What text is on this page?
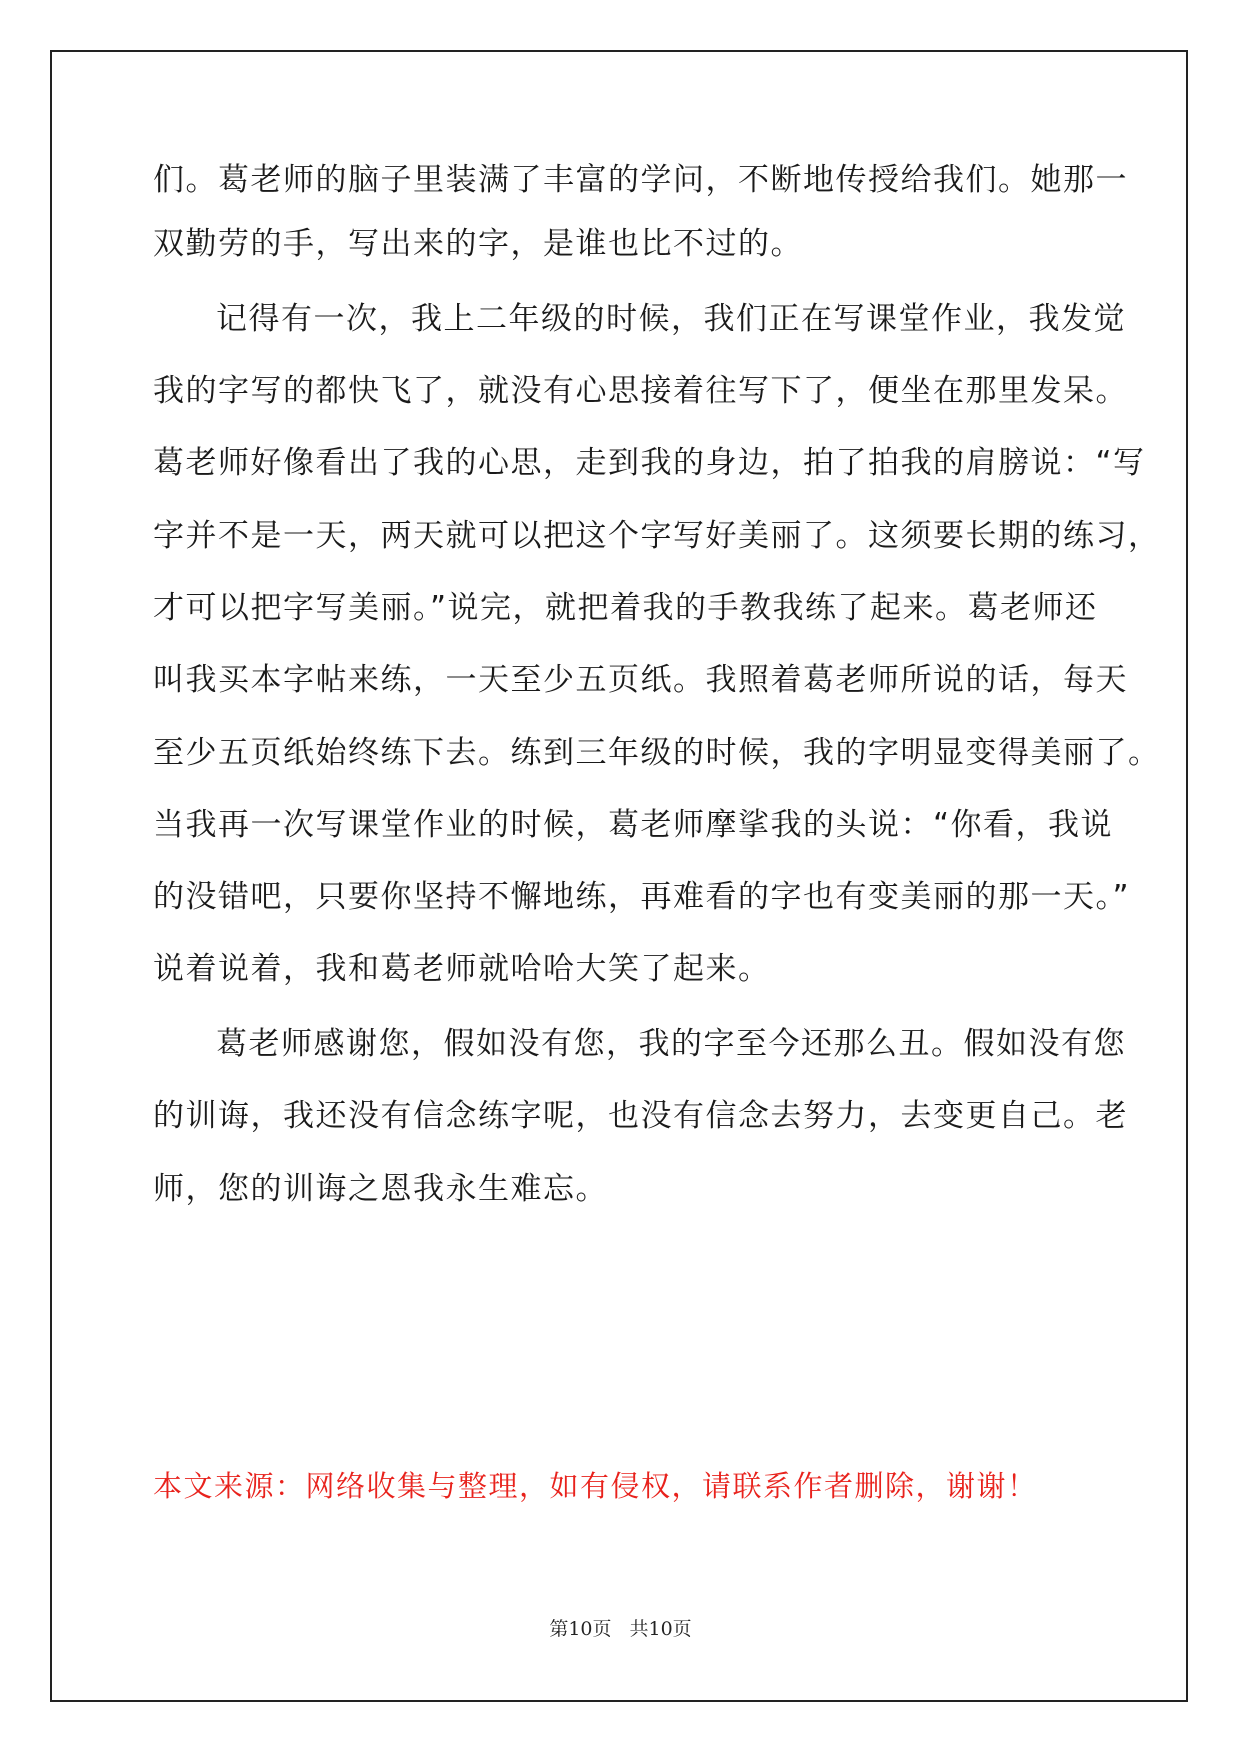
们。葛老师的脑子里装满了丰富的学问，不断地传授给我们。她那一
双勤劳的手，写出来的字，是谁也比不过的。
记得有一次，我上二年级的时候，我们正在写课堂作业，我发觉
我的字写的都快飞了，就没有心思接着往写下了，便坐在那里发呆。
葛老师好像看出了我的心思，走到我的身边，拍了拍我的肩膀说：“写
字并不是一天，两天就可以把这个字写好美丽了。这须要长期的练习，
才可以把字写美丽。”说完，就把着我的手教我练了起来。葛老师还
叫我买本字帖来练，一天至少五页纸。我照着葛老师所说的话，每天
至少五页纸始终练下去。练到三年级的时候，我的字明显变得美丽了。
当我再一次写课堂作业的时候，葛老师摩挲我的头说：“你看，我说
的没错吧，只要你坚持不懈地练，再难看的字也有变美丽的那一天。”
说着说着，我和葛老师就哈哈大笑了起来。
葛老师感谢您，假如没有您，我的字至今还那么丑。假如没有您
的训诲，我还没有信念练字呢，也没有信念去努力，去变更自己。老
师，您的训诲之恩我永生难忘。
本文来源：网络收集与整理，如有侵权，请联系作者删除，谢谢！
第10页 共10页
